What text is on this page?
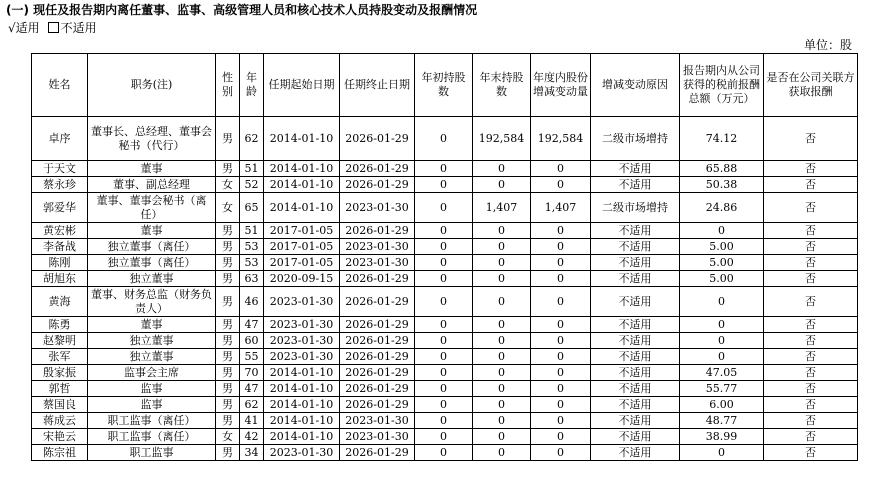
(一) 现任及报告期内离任董事、监事、高级管理人员和核心技术人员持股变动及报酬情况
√适用 不适用
单位：股
姓名	职务(注)	性别	年龄	任期起始日期	任期终止日期	年初持股数	年末持股数	年度内股份增减变动量	增减变动原因	报告期内从公司获得的税前报酬总额（万元）	是否在公司关联方获取报酬
卓序	董事长、总经理、董事会秘书（代行）	男	62	2014-01-10	2026-01-29	0	192,584	192,584	二级市场增持	74.12	否
于天文	董事	男	51	2014-01-10	2026-01-29	0	0	0	不适用	65.88	否
蔡永珍	董事、副总经理	女	52	2014-01-10	2026-01-29	0	0	0	不适用	50.38	否
郭爱华	董事、董事会秘书（离任）	女	65	2014-01-10	2023-01-30	0	1,407	1,407	二级市场增持	24.86	否
黄宏彬	董事	男	51	2017-01-05	2026-01-29	0	0	0	不适用	0	否
李备战	独立董事（离任）	男	53	2017-01-05	2023-01-30	0	0	0	不适用	5.00	否
陈刚	独立董事（离任）	男	53	2017-01-05	2023-01-30	0	0	0	不适用	5.00	否
胡旭东	独立董事	男	63	2020-09-15	2026-01-29	0	0	0	不适用	5.00	否
黄海	董事、财务总监（财务负责人）	男	46	2023-01-30	2026-01-29	0	0	0	不适用	0	否
陈勇	董事	男	47	2023-01-30	2026-01-29	0	0	0	不适用	0	否
赵黎明	独立董事	男	60	2023-01-30	2026-01-29	0	0	0	不适用	0	否
张军	独立董事	男	55	2023-01-30	2026-01-29	0	0	0	不适用	0	否
殷家振	监事会主席	男	70	2014-01-10	2026-01-29	0	0	0	不适用	47.05	否
郭哲	监事	男	47	2014-01-10	2026-01-29	0	0	0	不适用	55.77	否
蔡国良	监事	男	62	2014-01-10	2026-01-29	0	0	0	不适用	6.00	否
蒋成云	职工监事（离任）	男	41	2014-01-10	2023-01-30	0	0	0	不适用	48.77	否
宋艳云	职工监事（离任）	女	42	2014-01-10	2023-01-30	0	0	0	不适用	38.99	否
陈宗祖	职工监事	男	34	2023-01-30	2026-01-29	0	0	0	不适用	0	否
